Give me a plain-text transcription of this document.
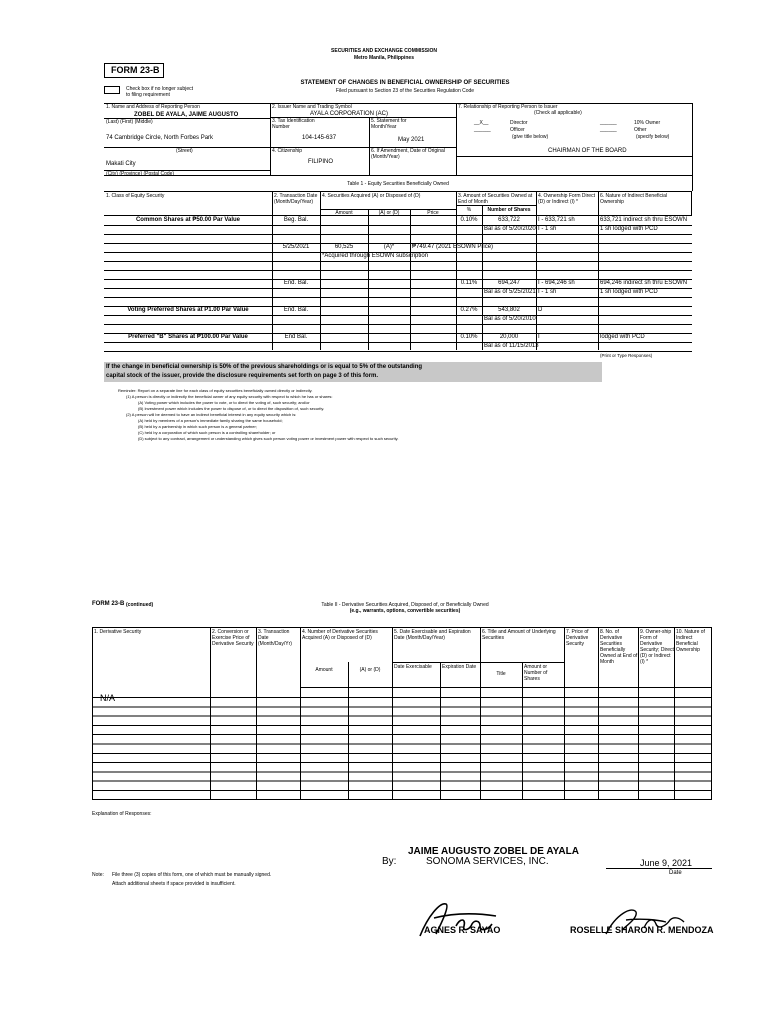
SECURITIES AND EXCHANGE COMMISSION
Metro Manila, Philippines
FORM 23-B
Check box if no longer subject
to filing requirement
STATEMENT OF CHANGES IN BENEFICIAL OWNERSHIP OF SECURITIES
Filed pursuant to Section 23 of the Securities Regulation Code
1. Name and Address of Reporting Person
ZOBEL DE AYALA, JAIME AUGUSTO
(Last) (First) (Middle)
74 Cambridge Circle, North Forbes Park
(Street)
Makati City
(City) (Province) (Postal Code)
2. Issuer Name and Trading Symbol
AYALA CORPORATION (AC)
3. Tax Identification Number
104-145-637
5. Statement for Month/Year
May 2021
4. Citizenship
FILIPINO
6. If Amendment, Date of Original (Month/Year)
7. Relationship of Reporting Person to Issuer
(Check all applicable)
__X__	Director
______	Officer
(give title below)
______	10% Owner
______	Other
(specify below)
CHAIRMAN OF THE BOARD
Table 1 - Equity Securities Beneficially Owned
1. Class of Equity Security	2. Transaction Date (Month/Day/Year)
4. Securities Acquired (A) or Disposed of (D)
Amount	(A) or (D)	Price
3. Amount of Securities Owned at End of Month
%	Number of Shares
4. Ownership Form Direct (D) or Indirect (I) *
6. Nature of Indirect Beneficial Ownership
Common Shares at ₱50.00 Par Value	Beg. Bal.	0.10%	633,722	I - 633,721 sh	633,721 indirect sh thru ESOWN
Bal as of 5/20/2020 I - 1 sh	1 sh lodged with PCD
5/25/2021	60,525	(A)*	₱749.47 (2021 ESOWN Price)
*Acquired through ESOWN subscription
End. Bal.	0.11%	694,247	I - 694,246 sh	694,246 indirect sh thru ESOWN
Bal as of 5/25/2021 I - 1 sh	1 sh lodged with PCD
Voting Preferred Shares at P1.00 Par Value	End. Bal.	0.27%	543,802	D
Bal as of 5/20/2010
Preferred "B" Shares at ₱100.00 Par Value	End Bal.	0.10%	20,000	I	lodged with PCD
Bal as of 11/15/2013
(Print or Type Responses)
If the change in beneficial ownership is 50% of the previous shareholdings or is equal to 5% of the outstanding
capital stock of the issuer, provide the disclosure requirements set forth on page 3 of this form.
Reminder: Report on a separate line for each class of equity securities beneficially owned directly or indirectly.
(1) A person is directly or indirectly the beneficial owner of any equity security with respect to which he has or shares:
(A) Voting power which includes the power to vote, or to direct the voting of, such security; and/or
(B) Investment power which includes the power to dispose of, or to direct the disposition of, such security.
(2) A person will be deemed to have an indirect beneficial interest in any equity security which is:
(A) held by members of a person's immediate family sharing the same household;
(B) held by a partnership in which such person is a general partner;
(C) held by a corporation of which such person is a controlling shareholder; or
(D) subject to any contract, arrangement or understanding which gives such person voting power or investment power with respect to such security.
FORM 23-B (continued)	Table II - Derivative Securities Acquired, Disposed of, or Beneficially Owned
(e.g., warrants, options, convertible securities)
1. Derivative Security	2. Conversion or Exercise Price of Derivative Security
3. Transaction Date (Month/Day/Yr)
4. Number of Derivative Securities Acquired (A) or Disposed of (D)
Amount	(A) or (D)
5. Date Exercisable and Expiration Date (Month/Day/Year)
Date Exercisable Expiration Date
6. Title and Amount of Underlying Securities
Title
Amount or Number of Shares
7. Price of Derivative Security
8. No. of Derivative Securities Beneficially Owned at End of Month
9. Owner-ship Form of Derivative Security; Direct (D) or Indirect (I) *
10. Nature of Indirect Beneficial Ownership
N/A
Explanation of Responses:
JAIME AUGUSTO ZOBEL DE AYALA
By:	SONOMA SERVICES, INC.	June 9, 2021
Date
Note: File three (3) copies of this form, one of which must be manually signed.
Attach additional sheets if space provided is insufficient.
AGNES R. SAYAO	ROSELLE SHARON R. MENDOZA
